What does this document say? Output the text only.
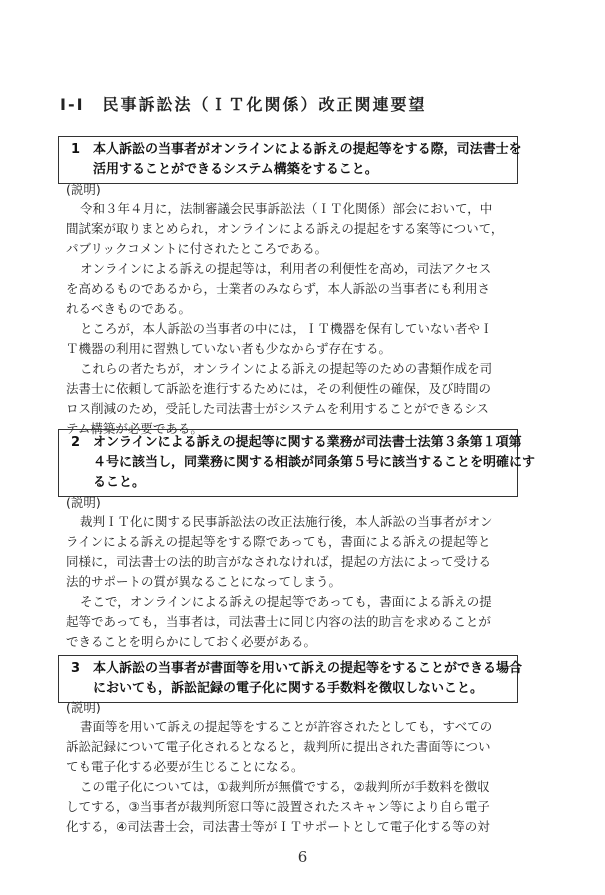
I-I　民事訴訟法（ＩＴ化関係）改正関連要望
1 本人訴訟の当事者がオンラインによる訴えの提起等をする際，司法書士を
活用することができるシステム構築をすること。
(説明)

令和３年４月に，法制審議会民事訴訟法（ＩＴ化関係）部会において，中
間試案が取りまとめられ，オンラインによる訴えの提起をする案等について，
パブリックコメントに付されたところである。

オンラインによる訴えの提起等は，利用者の利便性を高め，司法アクセス
を高めるものであるから，士業者のみならず，本人訴訟の当事者にも利用さ
れるべきものである。

ところが，本人訴訟の当事者の中には，ＩＴ機器を保有していない者やＩ
Ｔ機器の利用に習熟していない者も少なからず存在する。

これらの者たちが，オンラインによる訴えの提起等のための書類作成を司
法書士に依頼して訴訟を進行するためには，その利便性の確保，及び時間の
ロス削減のため，受託した司法書士がシステムを利用することができるシス
テム構築が必要である。

2 オンラインによる訴えの提起等に関する業務が司法書士法第３条第１項第
４号に該当し，同業務に関する相談が同条第５号に該当することを明確にす
ること。
(説明)

裁判ＩＴ化に関する民事訴訟法の改正法施行後，本人訴訟の当事者がオン
ラインによる訴えの提起等をする際であっても，書面による訴えの提起等と
同様に，司法書士の法的助言がなされなければ，提起の方法によって受ける
法的サポートの質が異なることになってしまう。

そこで，オンラインによる訴えの提起等であっても，書面による訴えの提
起等であっても，当事者は，司法書士に同じ内容の法的助言を求めることが
できることを明らかにしておく必要がある。

3 本人訴訟の当事者が書面等を用いて訴えの提起等をすることができる場合
においても，訴訟記録の電子化に関する手数料を徴収しないこと。
(説明)

書面等を用いて訴えの提起等をすることが許容されたとしても，すべての
訴訟記録について電子化されるとなると，裁判所に提出された書面等につい
ても電子化する必要が生じることになる。

この電子化については，①裁判所が無償でする，②裁判所が手数料を徴収
してする，③当事者が裁判所窓口等に設置されたスキャン等により自ら電子
化する，④司法書士会，司法書士等がＩＴサポートとして電子化する等の対

6
